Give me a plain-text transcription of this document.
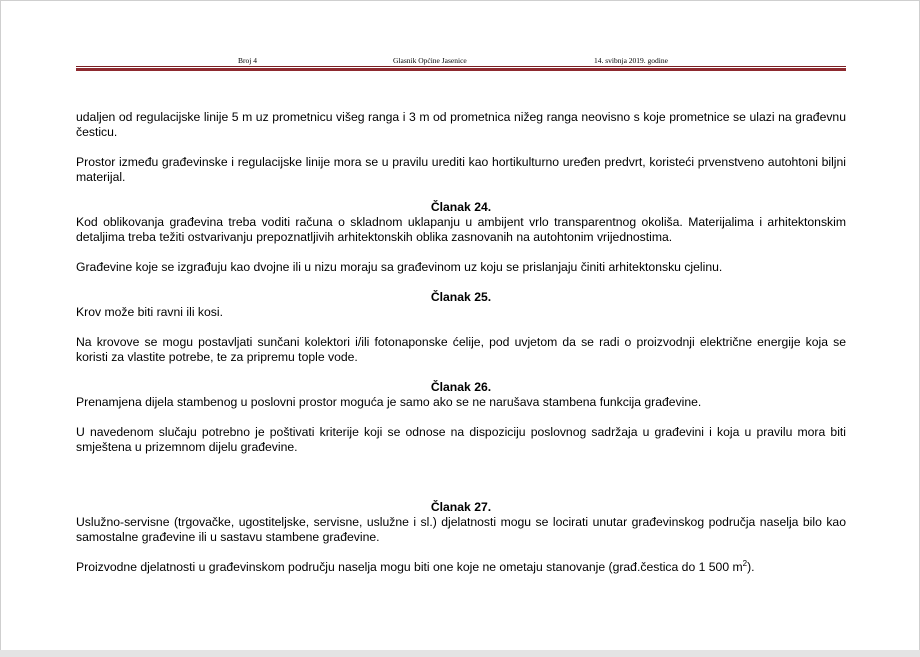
Broj 4	Glasnik Općine Jasenice	14. svibnja 2019. godine

udaljen od regulacijske linije 5 m uz prometnicu višeg ranga i 3 m od prometnica nižeg ranga neovisno s koje prometnice se ulazi na građevnu česticu.

Prostor između građevinske i regulacijske linije mora se u pravilu urediti kao hortikulturno uređen predvrt, koristeći prvenstveno autohtoni biljni materijal.

Članak 24.

Kod oblikovanja građevina treba voditi računa o skladnom uklapanju u ambijent vrlo transparentnog okoliša. Materijalima i arhitektonskim detaljima treba težiti ostvarivanju prepoznatljivih arhitektonskih oblika zasnovanih na autohtonim vrijednostima.

Građevine koje se izgrađuju kao dvojne ili u nizu moraju sa građevinom uz koju se prislanjaju činiti arhitektonsku cjelinu.

Članak 25.

Krov može biti ravni ili kosi.

Na krovove se mogu postavljati sunčani kolektori i/ili fotonaponske ćelije, pod uvjetom da se radi o proizvodnji električne energije koja se koristi za vlastite potrebe, te za pripremu tople vode.

Članak 26.

Prenamjena dijela stambenog u poslovni prostor moguća je samo ako se ne narušava stambena funkcija građevine.

U navedenom slučaju potrebno je poštivati kriterije koji se odnose na dispoziciju poslovnog sadržaja u građevini i koja u pravilu mora biti smještena u prizemnom dijelu građevine.

Članak 27.

Uslužno-servisne (trgovačke, ugostiteljske, servisne, uslužne i sl.) djelatnosti mogu se locirati unutar građevinskog područja naselja bilo kao samostalne građevine ili u sastavu stambene građevine.

Proizvodne djelatnosti u građevinskom području naselja mogu biti one koje ne ometaju stanovanje (građ.čestica do 1 500 $m^2$).
